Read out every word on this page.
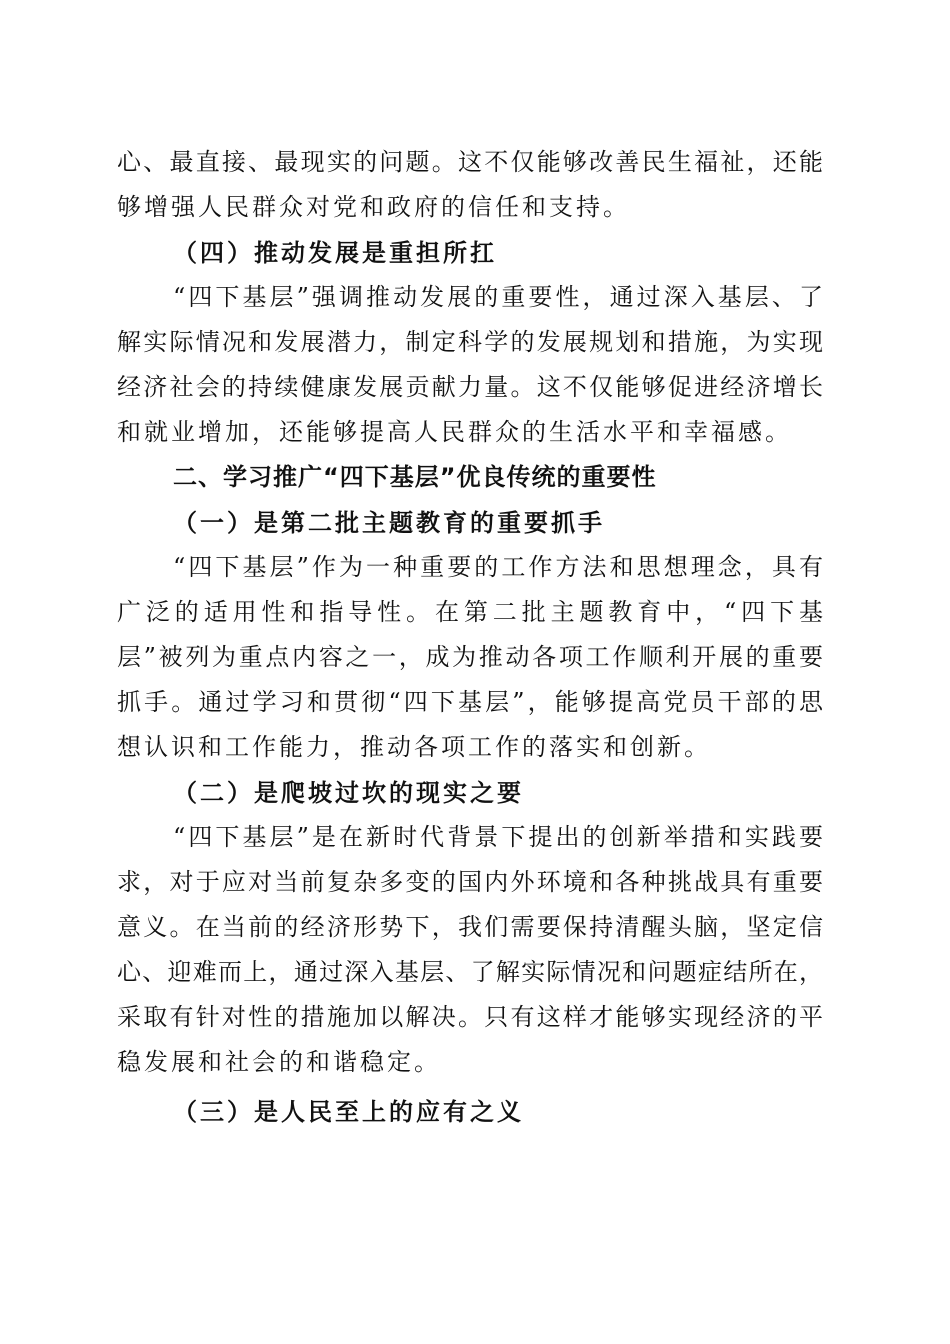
心、最直接、最现实的问题。这不仅能够改善民生福祉，还能
够增强人民群众对党和政府的信任和支持。
（四）推动发展是重担所扛
“四下基层”强调推动发展的重要性，通过深入基层、了
解实际情况和发展潜力，制定科学的发展规划和措施，为实现
经济社会的持续健康发展贡献力量。这不仅能够促进经济增长
和就业增加，还能够提高人民群众的生活水平和幸福感。
二、学习推广“四下基层”优良传统的重要性
（一）是第二批主题教育的重要抓手
“四下基层”作为一种重要的工作方法和思想理念，具有
广泛的适用性和指导性。在第二批主题教育中，“四下基
层”被列为重点内容之一，成为推动各项工作顺利开展的重要
抓手。通过学习和贯彻“四下基层”，能够提高党员干部的思
想认识和工作能力，推动各项工作的落实和创新。
（二）是爬坡过坎的现实之要
“四下基层”是在新时代背景下提出的创新举措和实践要
求，对于应对当前复杂多变的国内外环境和各种挑战具有重要
意义。在当前的经济形势下，我们需要保持清醒头脑，坚定信
心、迎难而上，通过深入基层、了解实际情况和问题症结所在，
采取有针对性的措施加以解决。只有这样才能够实现经济的平
稳发展和社会的和谐稳定。
（三）是人民至上的应有之义
